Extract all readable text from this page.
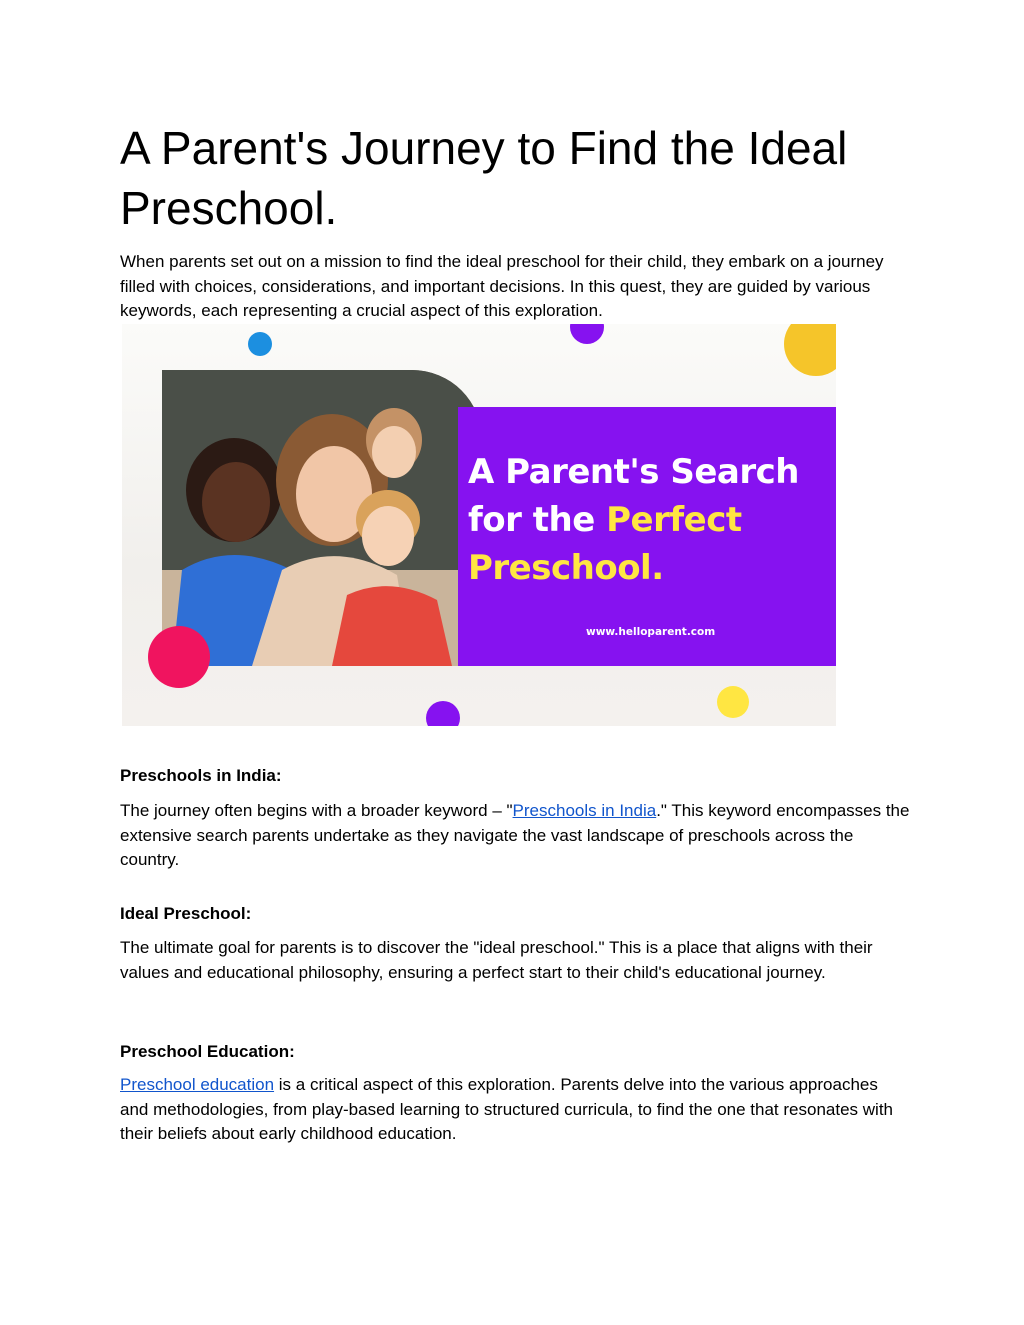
A Parent's Journey to Find the Ideal Preschool.

When parents set out on a mission to find the ideal preschool for their child, they embark on a journey filled with choices, considerations, and important decisions. In this quest, they are guided by various keywords, each representing a crucial aspect of this exploration.

A Parent's Search
for the Perfect
Preschool.
www.helloparent.com
Preschools in India:

The journey often begins with a broader keyword – "Preschools in India." This keyword encompasses the extensive search parents undertake as they navigate the vast landscape of preschools across the country.

Ideal Preschool:

The ultimate goal for parents is to discover the "ideal preschool." This is a place that aligns with their values and educational philosophy, ensuring a perfect start to their child's educational journey.

Preschool Education:

Preschool education is a critical aspect of this exploration. Parents delve into the various approaches and methodologies, from play-based learning to structured curricula, to find the one that resonates with their beliefs about early childhood education.
